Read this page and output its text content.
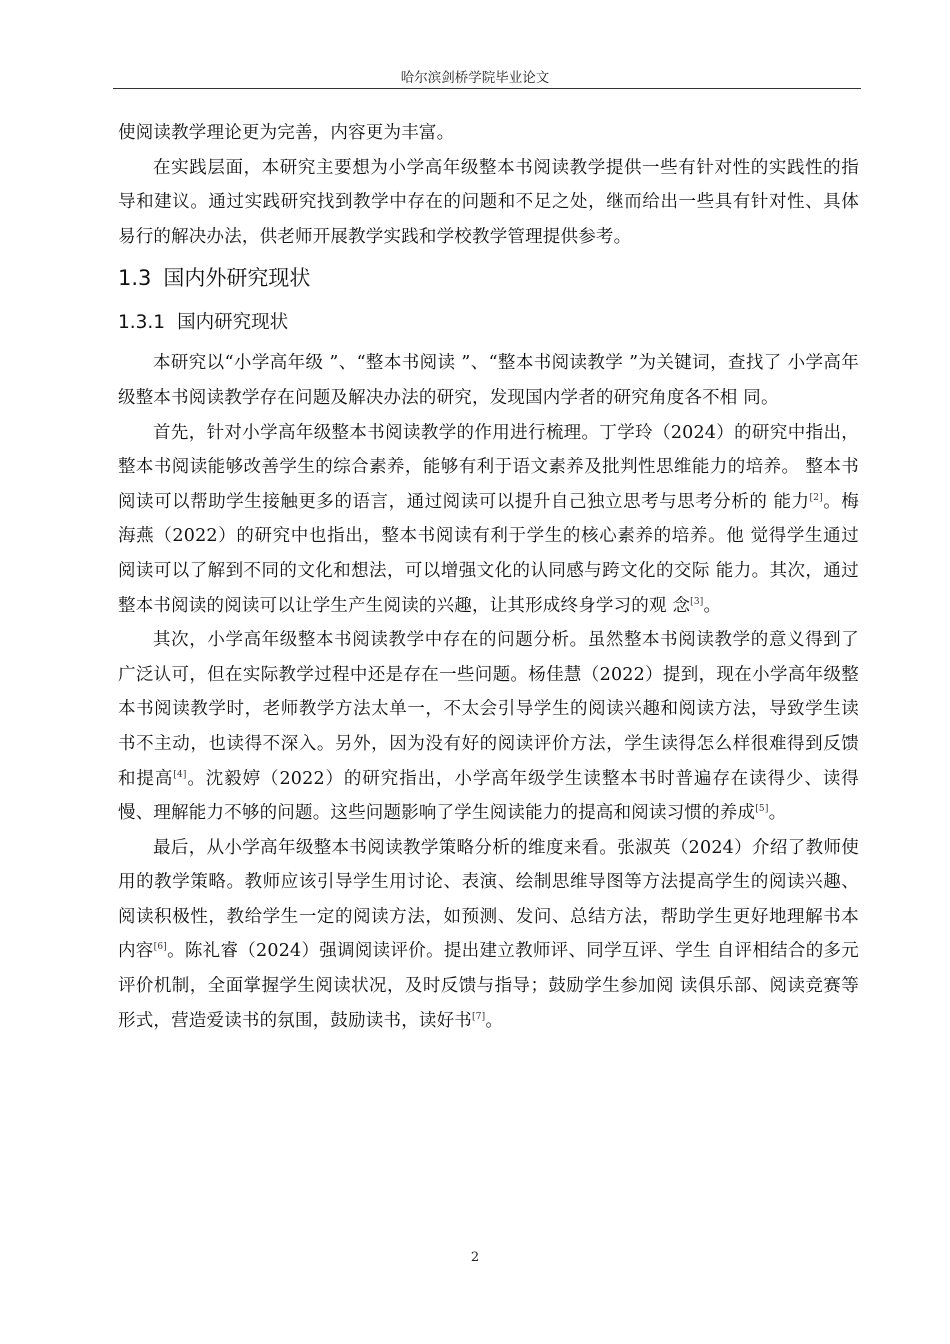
哈尔滨剑桥学院毕业论文

使阅读教学理论更为完善，内容更为丰富。

在实践层面，本研究主要想为小学高年级整本书阅读教学提供一些有针对性的实践性的指导和建议。通过实践研究找到教学中存在的问题和不足之处，继而给出一些具有针对性、具体易行的解决办法，供老师开展教学实践和学校教学管理提供参考。

1.3 国内外研究现状
1.3.1 国内研究现状

本研究以“小学高年级 ”、“整本书阅读 ”、“整本书阅读教学 ”为关键词，查找了 小学高年级整本书阅读教学存在问题及解决办法的研究，发现国内学者的研究角度各不相 同。

首先，针对小学高年级整本书阅读教学的作用进行梳理。丁学玲（2024）的研究中指出，整本书阅读能够改善学生的综合素养，能够有利于语文素养及批判性思维能力的培养。 整本书阅读可以帮助学生接触更多的语言，通过阅读可以提升自己独立思考与思考分析的 能力[2]。梅海燕（2022）的研究中也指出，整本书阅读有利于学生的核心素养的培养。他 觉得学生通过阅读可以了解到不同的文化和想法，可以增强文化的认同感与跨文化的交际 能力。其次，通过整本书阅读的阅读可以让学生产生阅读的兴趣，让其形成终身学习的观 念[3]。

其次，小学高年级整本书阅读教学中存在的问题分析。虽然整本书阅读教学的意义得到了广泛认可，但在实际教学过程中还是存在一些问题。杨佳慧（2022）提到，现在小学高年级整本书阅读教学时，老师教学方法太单一，不太会引导学生的阅读兴趣和阅读方法，导致学生读书不主动，也读得不深入。另外，因为没有好的阅读评价方法，学生读得怎么样很难得到反馈和提高[4]。沈毅婷（2022）的研究指出，小学高年级学生读整本书时普遍存在读得少、读得慢、理解能力不够的问题。这些问题影响了学生阅读能力的提高和阅读习惯的养成[5]。

最后，从小学高年级整本书阅读教学策略分析的维度来看。张淑英（2024）介绍了教师使用的教学策略。教师应该引导学生用讨论、表演、绘制思维导图等方法提高学生的阅读兴趣、阅读积极性，教给学生一定的阅读方法，如预测、发问、总结方法，帮助学生更好地理解书本内容[6]。陈礼睿（2024）强调阅读评价。提出建立教师评、同学互评、学生 自评相结合的多元评价机制，全面掌握学生阅读状况，及时反馈与指导；鼓励学生参加阅 读俱乐部、阅读竞赛等形式，营造爱读书的氛围，鼓励读书，读好书[7]。

2
